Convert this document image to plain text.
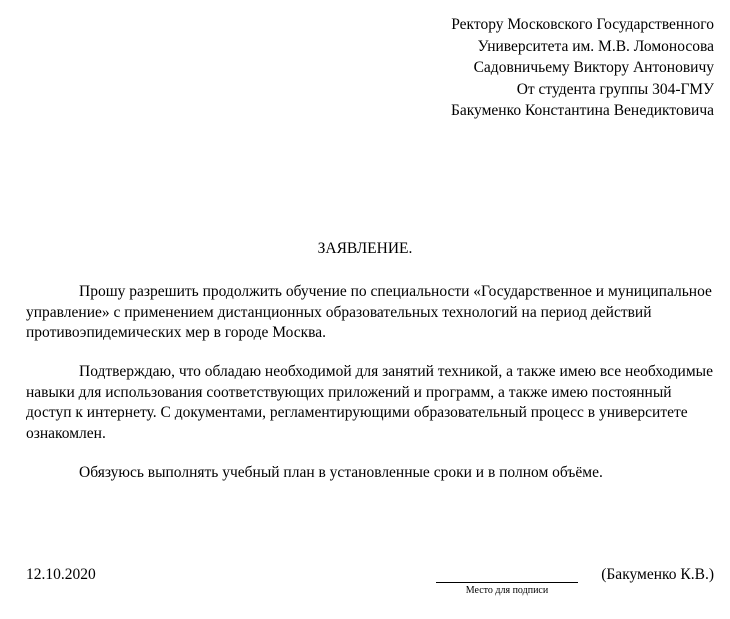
Ректору Московского Государственного
Университета им. М.В. Ломоносова
Садовничьему Виктору Антоновичу
От студента группы 304-ГМУ
Бакуменко Константина Венедиктовича
ЗАЯВЛЕНИЕ.

Прошу разрешить продолжить обучение по специальности «Государственное и муниципальное управление» с применением дистанционных образовательных технологий на период действий противоэпидемических мер в городе Москва.

Подтверждаю, что обладаю необходимой для занятий техникой, а также имею все необходимые навыки для использования соответствующих приложений и программ, а также имею постоянный доступ к интернету. С документами, регламентирующими образовательный процесс в университете ознакомлен.

Обязуюсь выполнять учебный план в установленные сроки и в полном объёме.

12.10.2020
Место для подписи
(Бакуменко К.В.)
